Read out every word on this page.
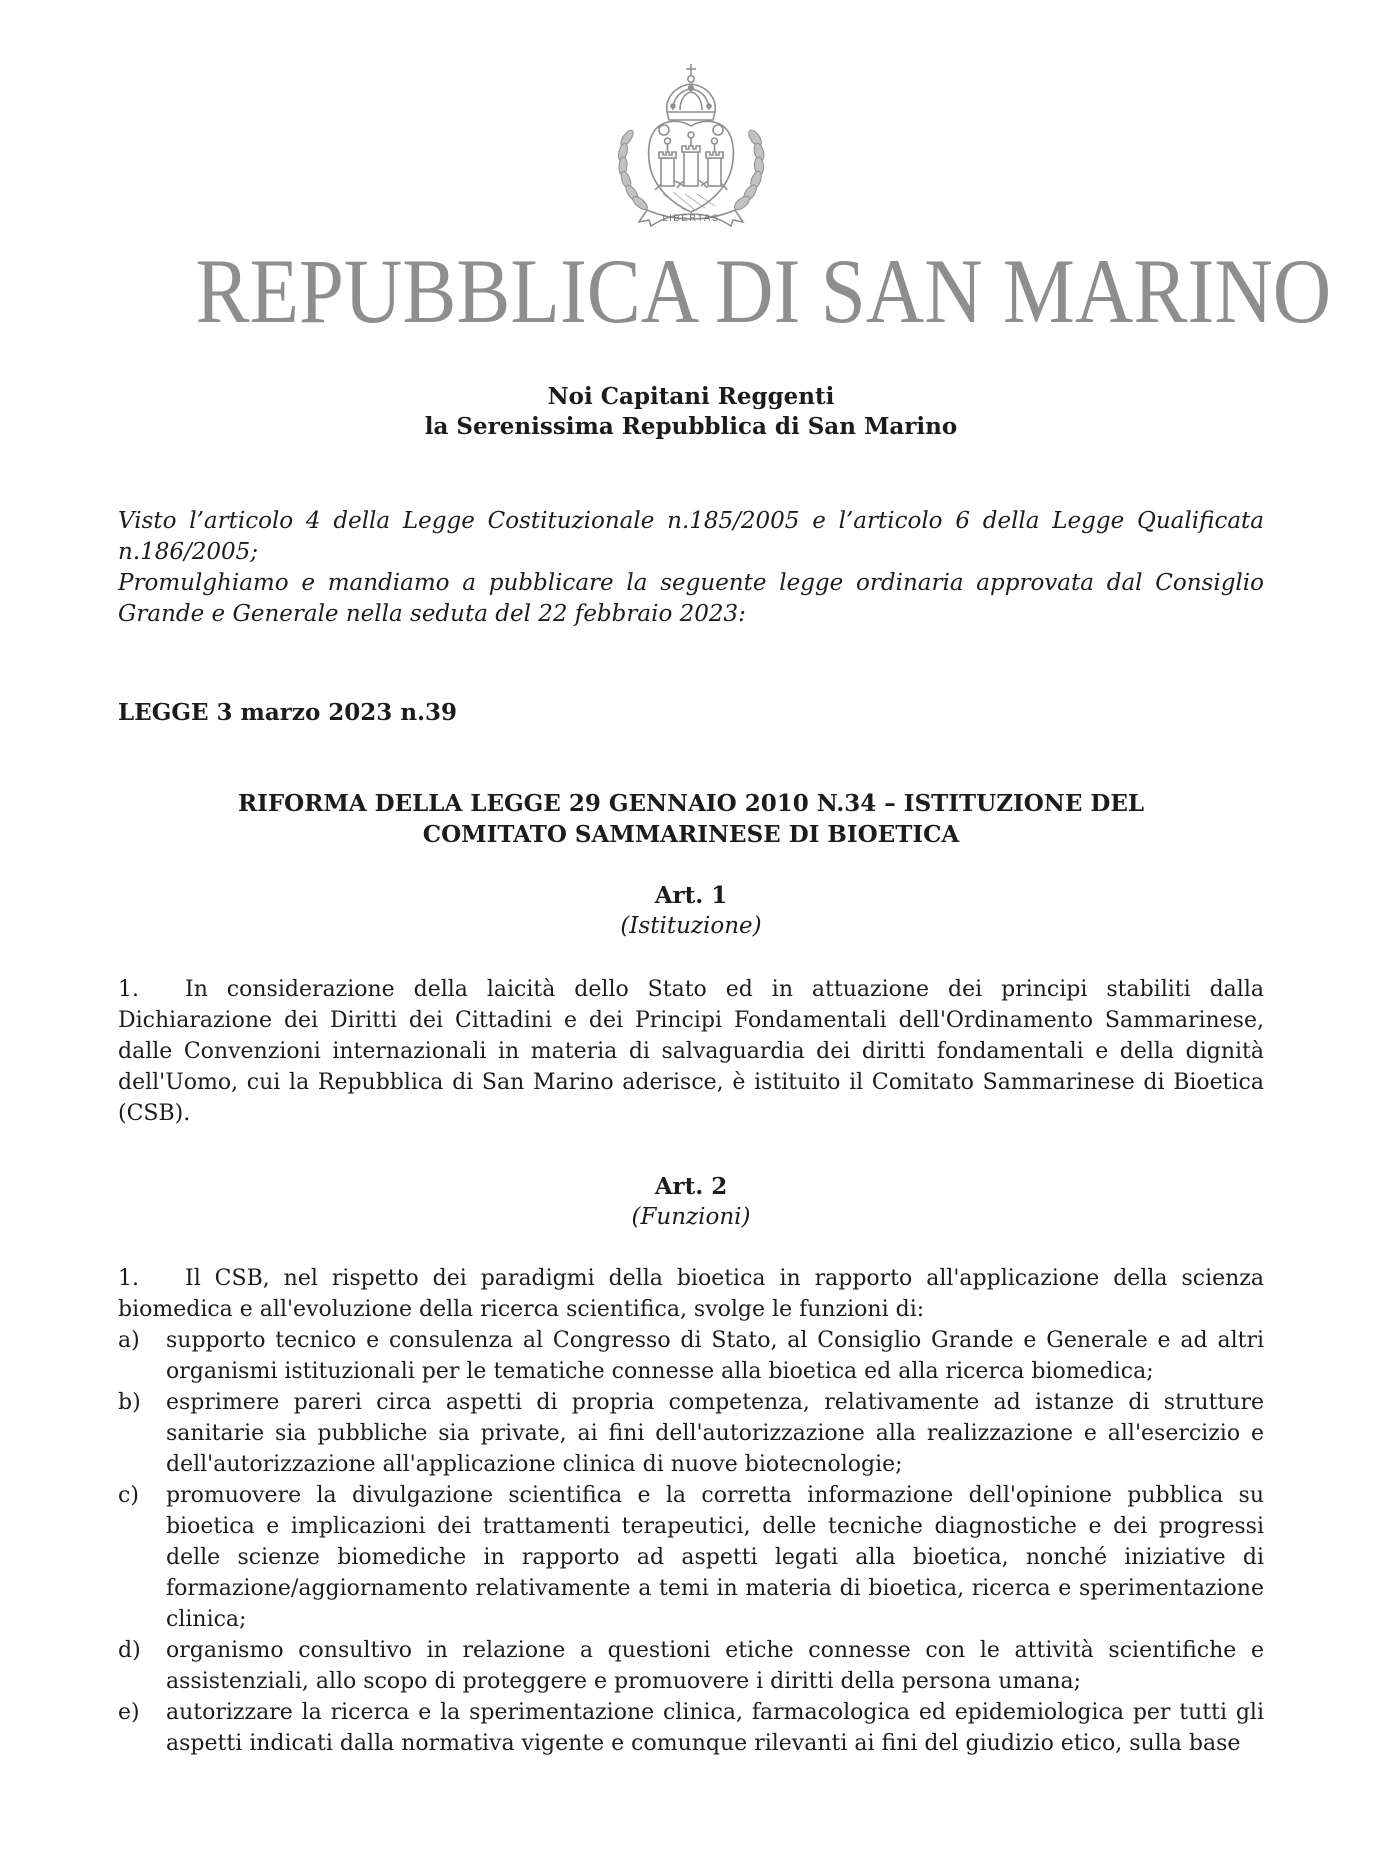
LIBERTAS
REPUBBLICA DI SAN MARINO
Noi Capitani Reggenti
la Serenissima Repubblica di San Marino

Visto l’articolo 4 della Legge Costituzionale n.185/2005 e l’articolo 6 della Legge Qualificata n.186/2005;

Promulghiamo e mandiamo a pubblicare la seguente legge ordinaria approvata dal Consiglio Grande e Generale nella seduta del 22 febbraio 2023:

LEGGE 3 marzo 2023 n.39
RIFORMA DELLA LEGGE 29 GENNAIO 2010 N.34 – ISTITUZIONE DEL
COMITATO SAMMARINESE DI BIOETICA
Art. 1
(Istituzione)

1. In considerazione della laicità dello Stato ed in attuazione dei principi stabiliti dalla Dichiarazione dei Diritti dei Cittadini e dei Principi Fondamentali dell'Ordinamento Sammarinese, dalle Convenzioni internazionali in materia di salvaguardia dei diritti fondamentali e della dignità dell'Uomo, cui la Repubblica di San Marino aderisce, è istituito il Comitato Sammarinese di Bioetica (CSB).

Art. 2
(Funzioni)

1. Il CSB, nel rispetto dei paradigmi della bioetica in rapporto all'applicazione della scienza biomedica e all'evoluzione della ricerca scientifica, svolge le funzioni di:

a) supporto tecnico e consulenza al Congresso di Stato, al Consiglio Grande e Generale e ad altri organismi istituzionali per le tematiche connesse alla bioetica ed alla ricerca biomedica;
b) esprimere pareri circa aspetti di propria competenza, relativamente ad istanze di strutture sanitarie sia pubbliche sia private, ai fini dell'autorizzazione alla realizzazione e all'esercizio e dell'autorizzazione all'applicazione clinica di nuove biotecnologie;
c) promuovere la divulgazione scientifica e la corretta informazione dell'opinione pubblica su bioetica e implicazioni dei trattamenti terapeutici, delle tecniche diagnostiche e dei progressi delle scienze biomediche in rapporto ad aspetti legati alla bioetica, nonché iniziative di formazione/aggiornamento relativamente a temi in materia di bioetica, ricerca e sperimentazione clinica;
d) organismo consultivo in relazione a questioni etiche connesse con le attività scientifiche e assistenziali, allo scopo di proteggere e promuovere i diritti della persona umana;
e) autorizzare la ricerca e la sperimentazione clinica, farmacologica ed epidemiologica per tutti gli aspetti indicati dalla normativa vigente e comunque rilevanti ai fini del giudizio etico, sulla base
